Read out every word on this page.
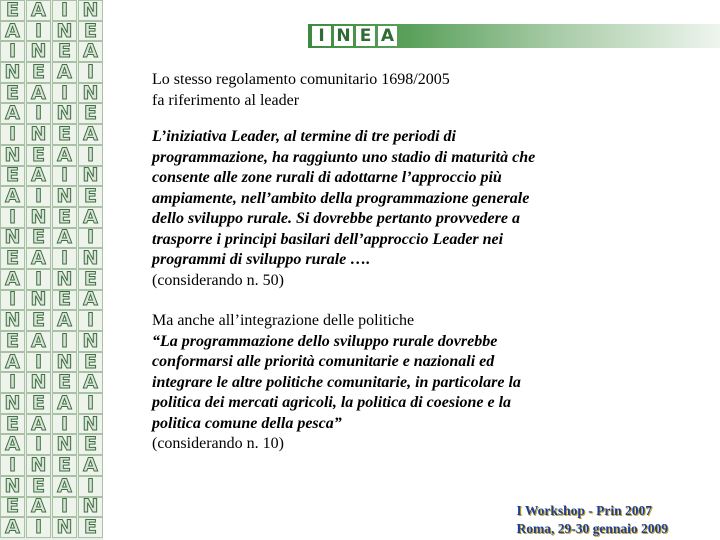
E A I N
A I N E
I N E A
N E A I
E A I N
A I N E
I N E A
N E A I
E A I N
A I N E
I N E A
N E A I
E A I N
A I N E
I N E A
N E A I
E A I N
A I N E
I N E A
N E A I
E A I N
A I N E
I N E A
N E A I
E A I N
A I N E
I N E A

Lo stesso regolamento comunitario 1698/2005

fa riferimento al leader

L’iniziativa Leader, al termine di tre periodi di

programmazione, ha raggiunto uno stadio di maturità che

consente alle zone rurali di adottarne l’approccio più

ampiamente, nell’ambito della programmazione generale

dello sviluppo rurale. Si dovrebbe pertanto provvedere a

trasporre i principi basilari dell’approccio Leader nei

programmi di sviluppo rurale ….

(considerando n. 50)

Ma anche all’integrazione delle politiche

“La programmazione dello sviluppo rurale dovrebbe

conformarsi alle priorità comunitarie e nazionali ed

integrare le altre politiche comunitarie, in particolare la

politica dei mercati agricoli, la politica di coesione e la

politica comune della pesca”

(considerando n. 10)

I Workshop - Prin 2007
Roma, 29-30 gennaio 2009
